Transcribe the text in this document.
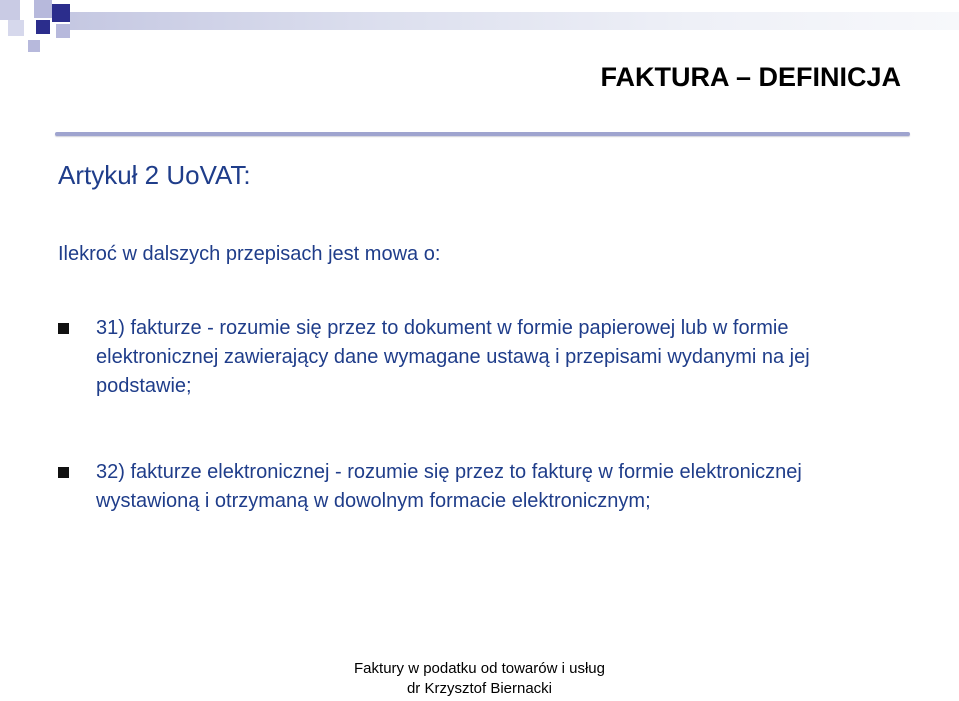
FAKTURA – DEFINICJA
Artykuł 2 UoVAT:
Ilekroć w dalszych przepisach jest mowa o:
31) fakturze - rozumie się przez to dokument w formie papierowej lub w formie elektronicznej zawierający dane wymagane ustawą i przepisami wydanymi na jej podstawie;
32) fakturze elektronicznej - rozumie się przez to fakturę w formie elektronicznej wystawioną i otrzymaną w dowolnym formacie elektronicznym;
Faktury w podatku od towarów i usług
dr Krzysztof Biernacki
